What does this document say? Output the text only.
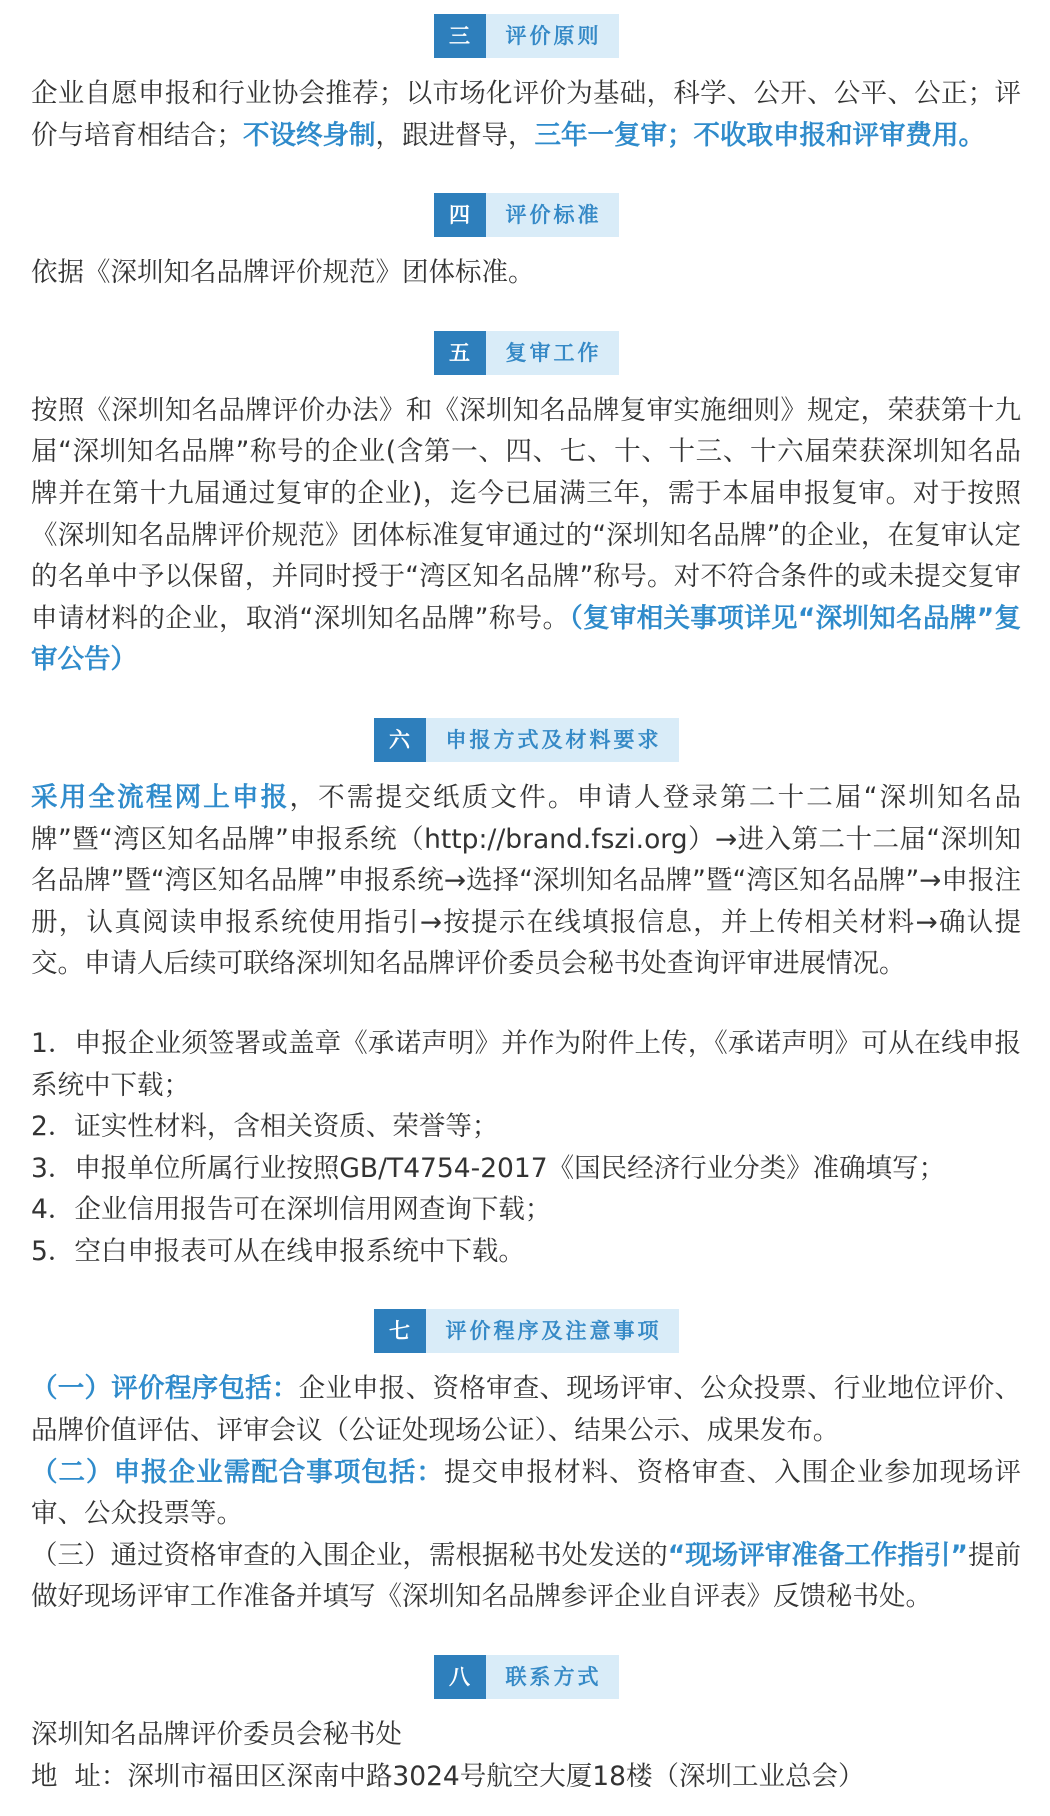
三	评价原则

企业自愿申报和行业协会推荐；以市场化评价为基础，科学、公开、公平、公正；评价与培育相结合；不设终身制，跟进督导，三年一复审；不收取申报和评审费用。

四	评价标准

依据《深圳知名品牌评价规范》团体标准。

五	复审工作

按照《深圳知名品牌评价办法》和《深圳知名品牌复审实施细则》规定，荣获第十九届“深圳知名品牌”称号的企业(含第一、四、七、十、十三、十六届荣获深圳知名品牌并在第十九届通过复审的企业)，迄今已届满三年，需于本届申报复审。对于按照《深圳知名品牌评价规范》团体标准复审通过的“深圳知名品牌”的企业，在复审认定的名单中予以保留，并同时授于“湾区知名品牌”称号。对不符合条件的或未提交复审申请材料的企业，取消“深圳知名品牌”称号。（复审相关事项详见“深圳知名品牌”复审公告）

六	申报方式及材料要求

采用全流程网上申报，不需提交纸质文件。申请人登录第二十二届“深圳知名品牌”暨“湾区知名品牌”申报系统（http://brand.fszi.org）→进入第二十二届“深圳知名品牌”暨“湾区知名品牌”申报系统→选择“深圳知名品牌”暨“湾区知名品牌”→申报注册，认真阅读申报系统使用指引→按提示在线填报信息，并上传相关材料→确认提交。申请人后续可联络深圳知名品牌评价委员会秘书处查询评审进展情况。

1．申报企业须签署或盖章《承诺声明》并作为附件上传，《承诺声明》可从在线申报系统中下载；

2．证实性材料，含相关资质、荣誉等；

3．申报单位所属行业按照GB/T4754-2017《国民经济行业分类》准确填写；

4．企业信用报告可在深圳信用网查询下载；

5．空白申报表可从在线申报系统中下载。

七	评价程序及注意事项

（一）评价程序包括：企业申报、资格审查、现场评审、公众投票、行业地位评价、品牌价值评估、评审会议（公证处现场公证）、结果公示、成果发布。

（二）申报企业需配合事项包括：提交申报材料、资格审查、入围企业参加现场评审、公众投票等。

（三）通过资格审查的入围企业，需根据秘书处发送的“现场评审准备工作指引”提前做好现场评审工作准备并填写《深圳知名品牌参评企业自评表》反馈秘书处。

八	联系方式

深圳知名品牌评价委员会秘书处

地  址：深圳市福田区深南中路3024号航空大厦18楼（深圳工业总会）
